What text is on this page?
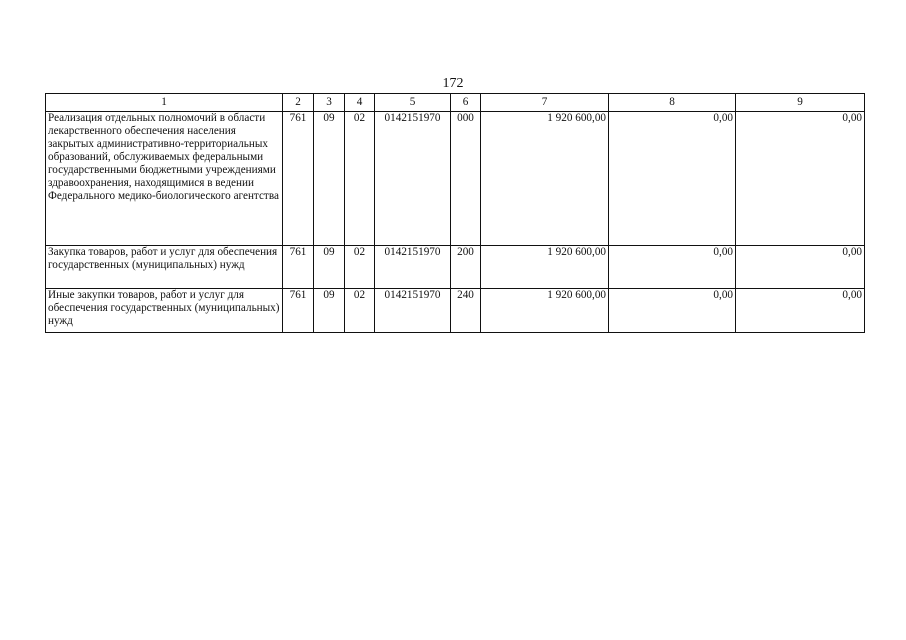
172
1	2	3	4	5	6	7	8	9
Реализация отдельных полномочий в области лекарственного обеспечения населения закрытых административно-территориальных образований, обслуживаемых федеральными государственными бюджетными учреждениями здравоохранения, находящимися в ведении Федерального медико-биологического агентства	761	09	02	0142151970	000	1 920 600,00	0,00	0,00
Закупка товаров, работ и услуг для обеспечения государственных (муниципальных) нужд	761	09	02	0142151970	200	1 920 600,00	0,00	0,00
Иные закупки товаров, работ и услуг для обеспечения государственных (муниципальных) нужд	761	09	02	0142151970	240	1 920 600,00	0,00	0,00
